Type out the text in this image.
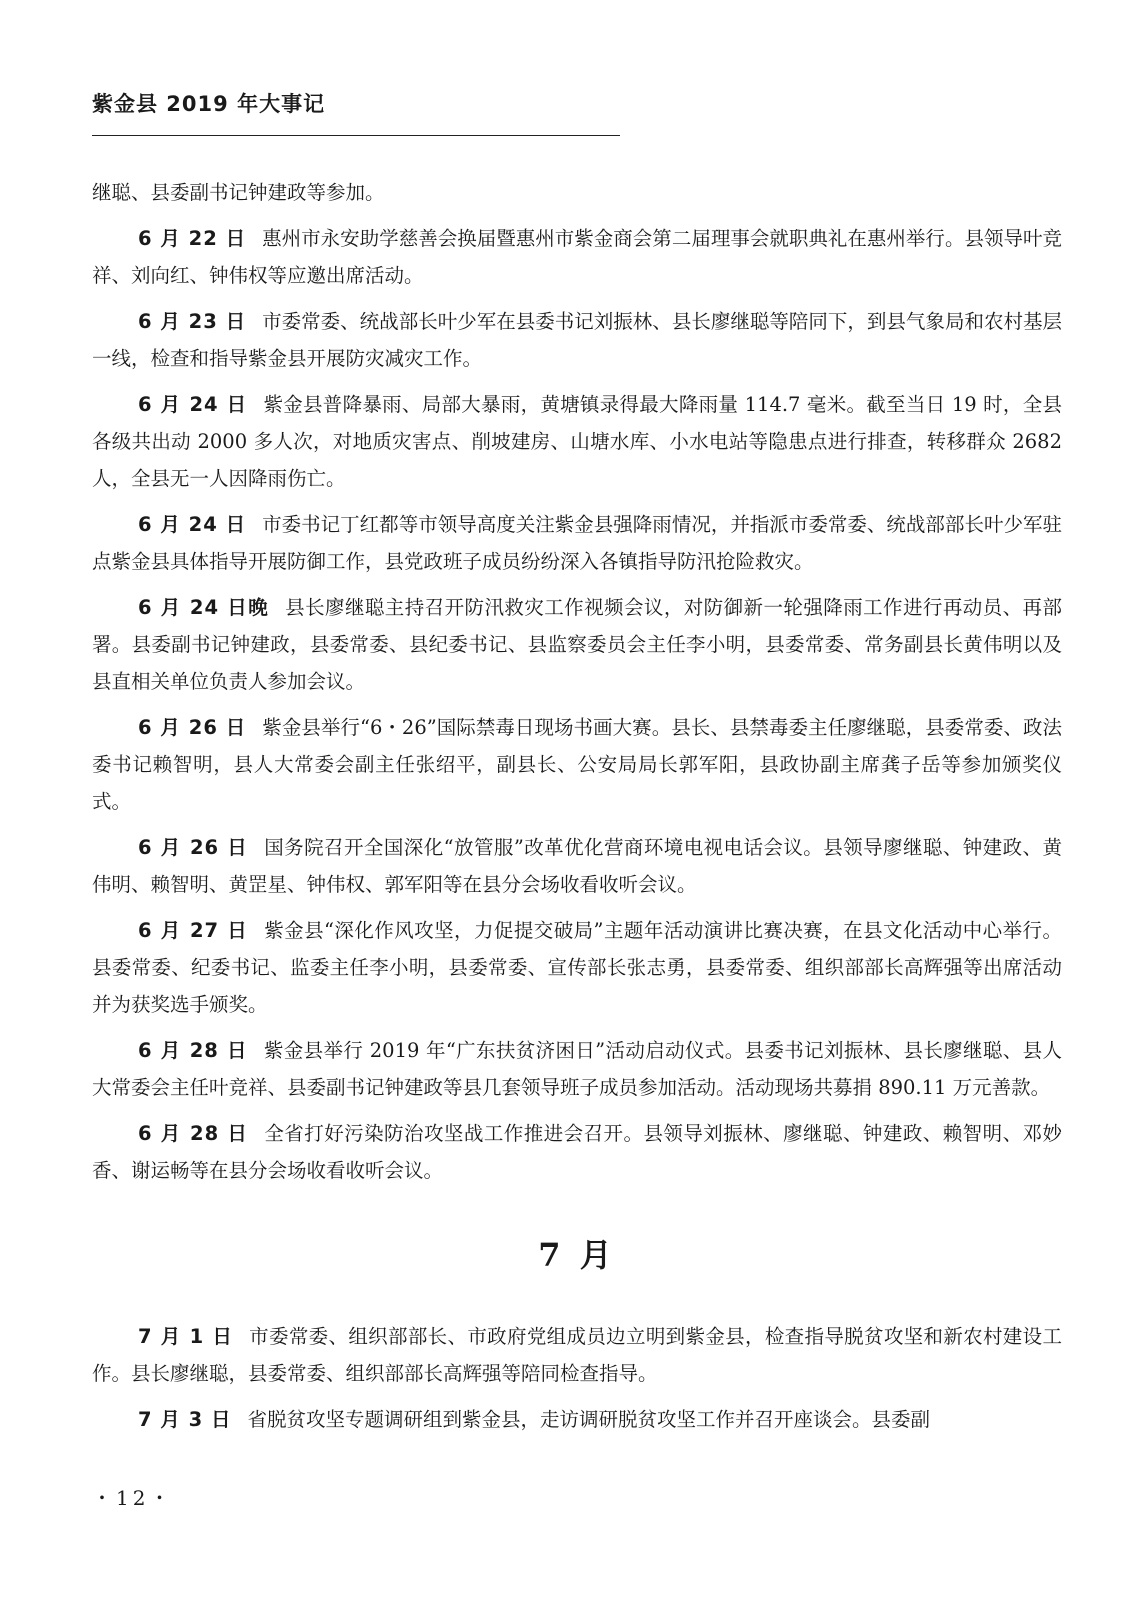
紫金县 2019 年大事记

继聪、县委副书记钟建政等参加。

6 月 22 日 惠州市永安助学慈善会换届暨惠州市紫金商会第二届理事会就职典礼在惠州举行。县领导叶竞祥、刘向红、钟伟权等应邀出席活动。

6 月 23 日 市委常委、统战部长叶少军在县委书记刘振林、县长廖继聪等陪同下，到县气象局和农村基层一线，检查和指导紫金县开展防灾减灾工作。

6 月 24 日 紫金县普降暴雨、局部大暴雨，黄塘镇录得最大降雨量 114.7 毫米。截至当日 19 时，全县各级共出动 2000 多人次，对地质灾害点、削坡建房、山塘水库、小水电站等隐患点进行排查，转移群众 2682 人，全县无一人因降雨伤亡。

6 月 24 日 市委书记丁红都等市领导高度关注紫金县强降雨情况，并指派市委常委、统战部部长叶少军驻点紫金县具体指导开展防御工作，县党政班子成员纷纷深入各镇指导防汛抢险救灾。

6 月 24 日晚 县长廖继聪主持召开防汛救灾工作视频会议，对防御新一轮强降雨工作进行再动员、再部署。县委副书记钟建政，县委常委、县纪委书记、县监察委员会主任李小明，县委常委、常务副县长黄伟明以及县直相关单位负责人参加会议。

6 月 26 日 紫金县举行“6・26”国际禁毒日现场书画大赛。县长、县禁毒委主任廖继聪，县委常委、政法委书记赖智明，县人大常委会副主任张绍平，副县长、公安局局长郭军阳，县政协副主席龚子岳等参加颁奖仪式。

6 月 26 日 国务院召开全国深化“放管服”改革优化营商环境电视电话会议。县领导廖继聪、钟建政、黄伟明、赖智明、黄罡星、钟伟权、郭军阳等在县分会场收看收听会议。

6 月 27 日 紫金县“深化作风攻坚，力促提交破局”主题年活动演讲比赛决赛，在县文化活动中心举行。县委常委、纪委书记、监委主任李小明，县委常委、宣传部长张志勇，县委常委、组织部部长高辉强等出席活动并为获奖选手颁奖。

6 月 28 日 紫金县举行 2019 年“广东扶贫济困日”活动启动仪式。县委书记刘振林、县长廖继聪、县人大常委会主任叶竞祥、县委副书记钟建政等县几套领导班子成员参加活动。活动现场共募捐 890.11 万元善款。

6 月 28 日 全省打好污染防治攻坚战工作推进会召开。县领导刘振林、廖继聪、钟建政、赖智明、邓妙香、谢运畅等在县分会场收看收听会议。

7 月

7 月 1 日 市委常委、组织部部长、市政府党组成员边立明到紫金县，检查指导脱贫攻坚和新农村建设工作。县长廖继聪，县委常委、组织部部长高辉强等陪同检查指导。

7 月 3 日 省脱贫攻坚专题调研组到紫金县，走访调研脱贫攻坚工作并召开座谈会。县委副

・12・
